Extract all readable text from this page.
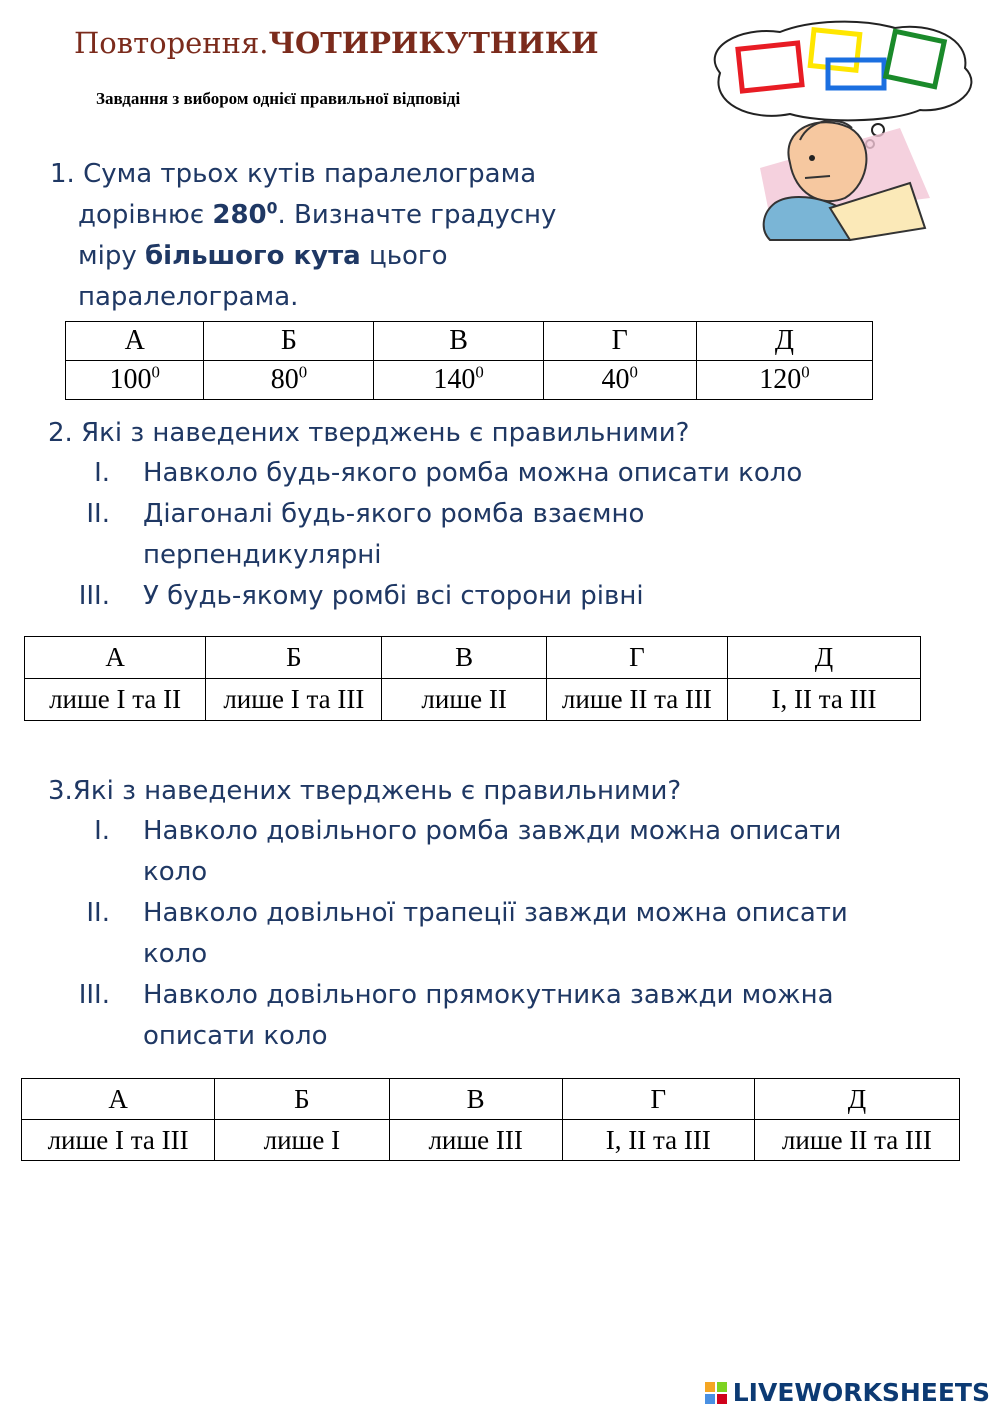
Повторення.ЧОТИРИКУТНИКИ
Завдання з вибором однієї правильної відповіді
1. Сума трьох кутів паралелограма
дорівнює $280^0$. Визначте градусну
міру більшого кута цього
паралелограма.
А	Б	В	Г	Д
$100^0$	$80^0$	$140^0$	$40^0$	$120^0$
2. Які з наведених тверджень є правильними?
I. Навколо будь-якого ромба можна описати коло
II. Діагоналі будь-якого ромба взаємно
перпендикулярні
III. У будь-якому ромбі всі сторони рівні
А	Б	В	Г	Д
лише I та II	лише I та III	лише II	лише II та III	I, II та III
3.Які з наведених тверджень є правильними?
I. Навколо довільного ромба завжди можна описати
коло
II. Навколо довільної трапеції завжди можна описати
коло
III. Навколо довільного прямокутника завжди можна
описати коло
А	Б	В	Г	Д
лише I та III	лише I	лише III	I, II та III	лише II та III
LIVEWORKSHEETS
